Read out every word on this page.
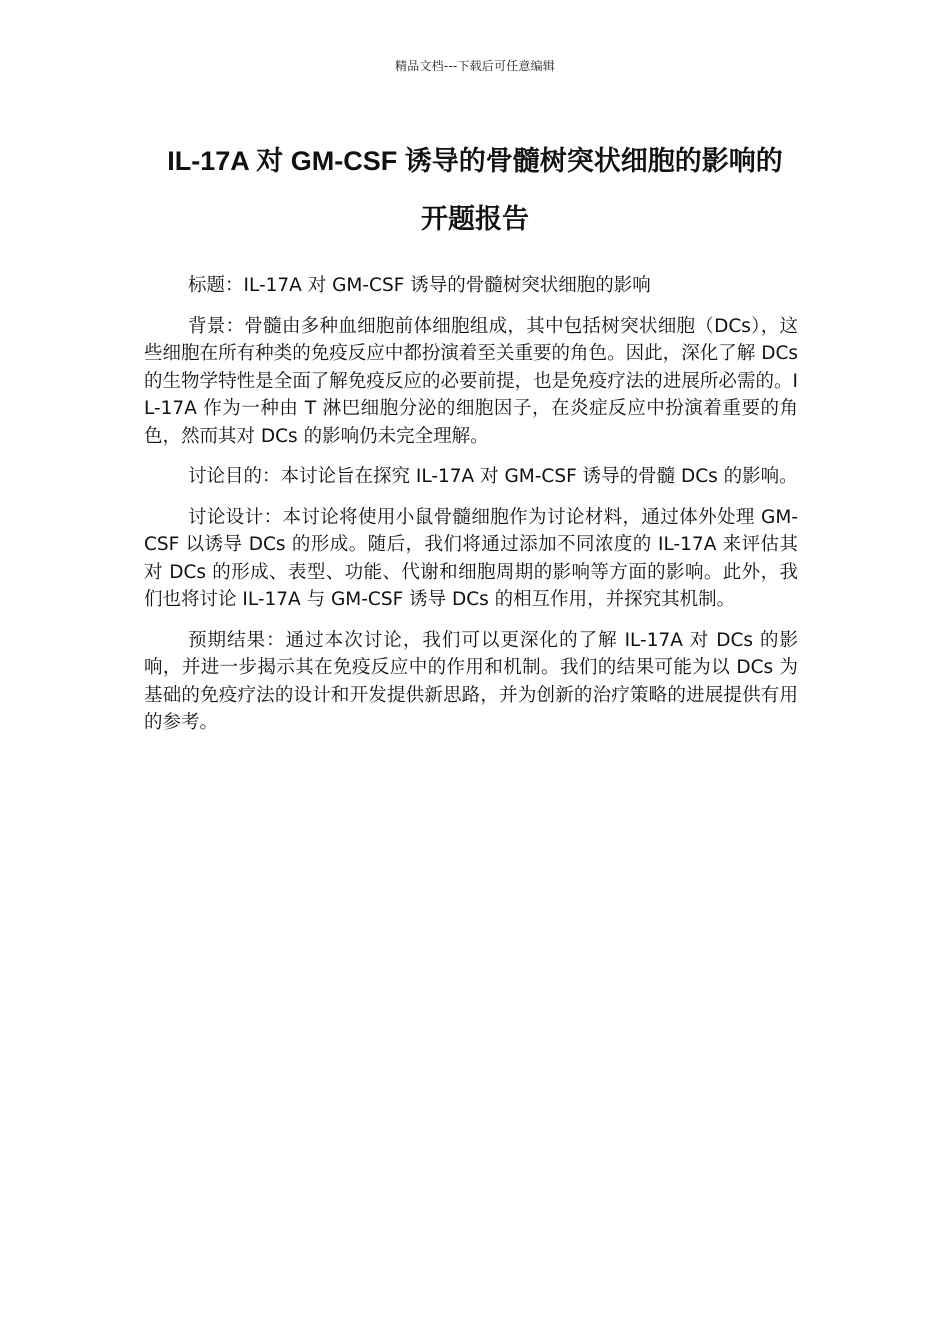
精品文档---下载后可任意编辑
IL-17A 对 GM-CSF 诱导的骨髓树突状细胞的影响的
开题报告

标题：IL-17A 对 GM-CSF 诱导的骨髓树突状细胞的影响

背景：骨髓由多种血细胞前体细胞组成，其中包括树突状细胞（DCs），这些细胞在所有种类的免疫反应中都扮演着至关重要的角色。因此，深化了解 DCs 的生物学特性是全面了解免疫反应的必要前提，也是免疫疗法的进展所必需的。IL-17A 作为一种由 T 淋巴细胞分泌的细胞因子，在炎症反应中扮演着重要的角色，然而其对 DCs 的影响仍未完全理解。

讨论目的：本讨论旨在探究 IL-17A 对 GM-CSF 诱导的骨髓 DCs 的影响。

讨论设计：本讨论将使用小鼠骨髓细胞作为讨论材料，通过体外处理 GM-CSF 以诱导 DCs 的形成。随后，我们将通过添加不同浓度的 IL-17A 来评估其对 DCs 的形成、表型、功能、代谢和细胞周期的影响等方面的影响。此外，我们也将讨论 IL-17A 与 GM-CSF 诱导 DCs 的相互作用，并探究其机制。

预期结果：通过本次讨论，我们可以更深化的了解 IL-17A 对 DCs 的影响，并进一步揭示其在免疫反应中的作用和机制。我们的结果可能为以 DCs 为基础的免疫疗法的设计和开发提供新思路，并为创新的治疗策略的进展提供有用的参考。
